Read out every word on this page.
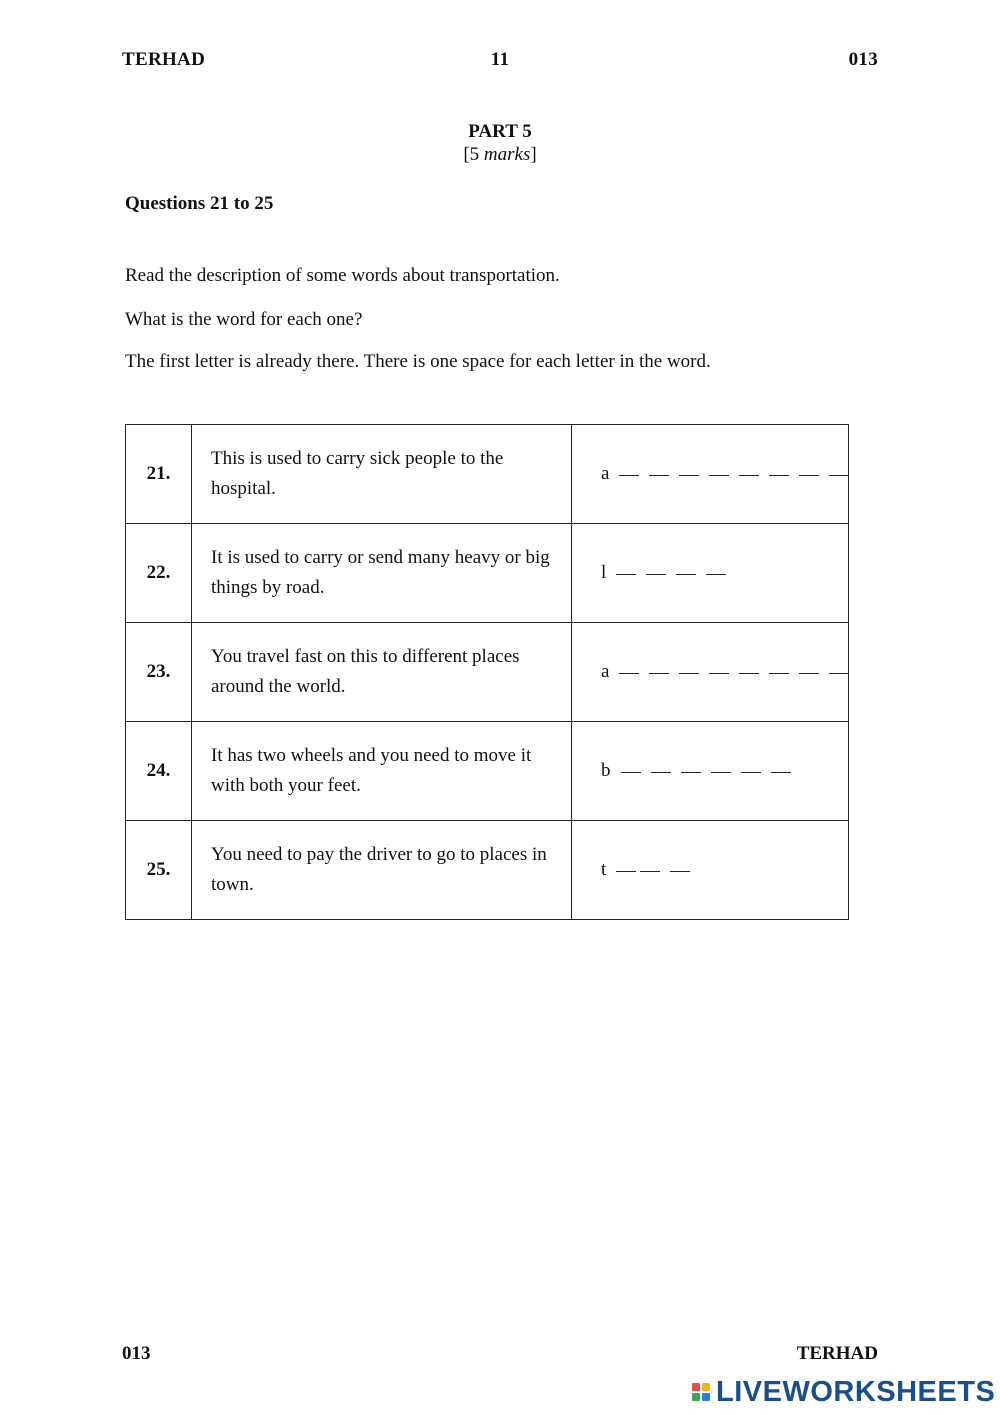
TERHAD	11	013
PART 5
[5 marks]
Questions 21 to 25
Read the description of some words about transportation.
What is the word for each one?
The first letter is already there. There is one space for each letter in the word.
21.	This is used to carry sick people to the hospital.	a
22.	It is used to carry or send many heavy or big things by road.	l
23.	You travel fast on this to different places around the world.	a
24.	It has two wheels and you need to move it with both your feet.	b
25.	You need to pay the driver to go to places in town.	t
013	TERHAD
LIVEWORKSHEETS
